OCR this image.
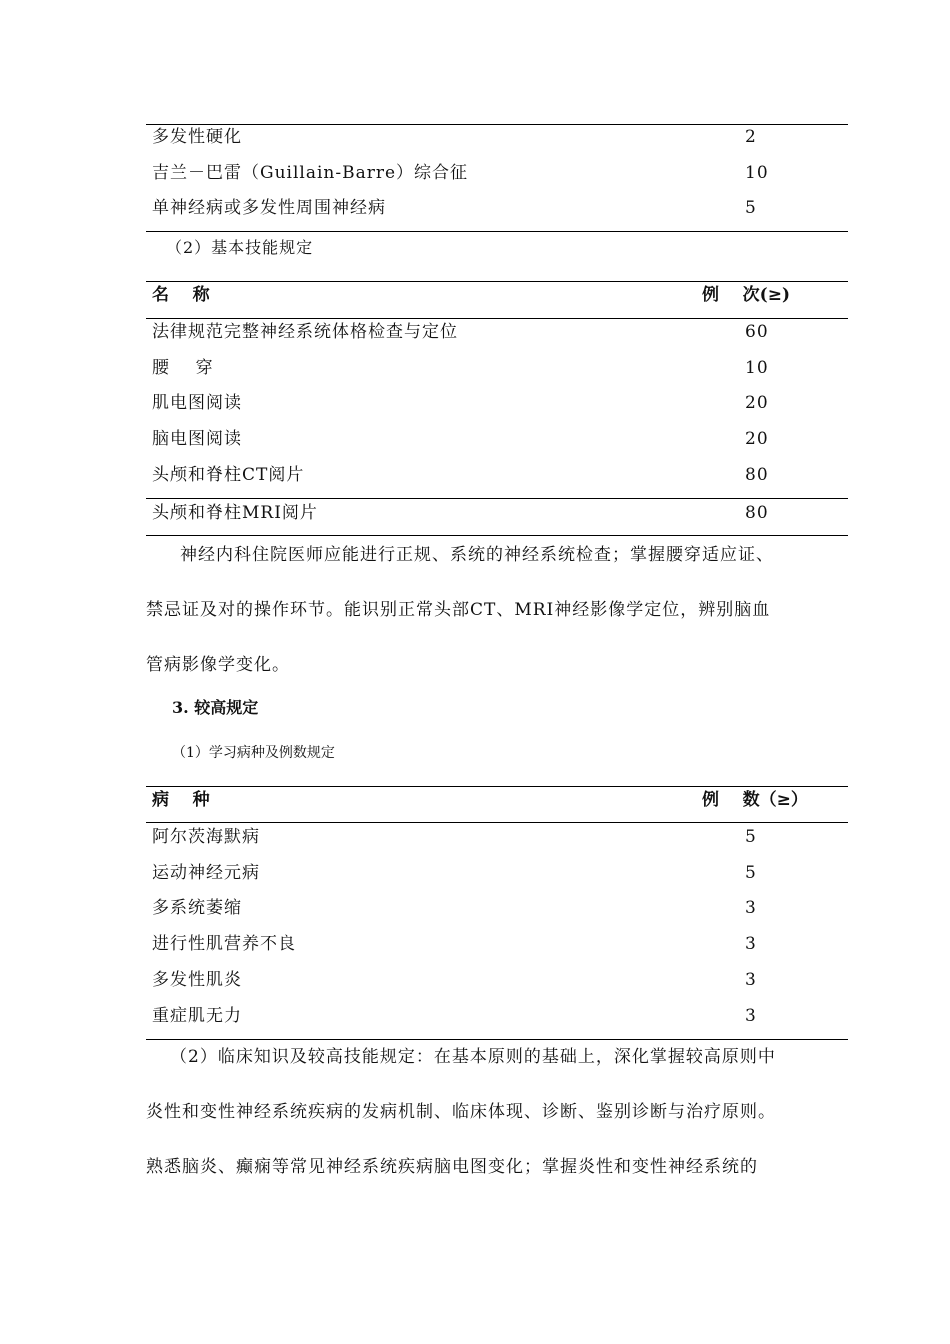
多发性硬化	2
吉兰－巴雷（Guillain-Barre）综合征	10
单神经病或多发性周围神经病	5
（2）基本技能规定
名    称	例    次(≥)
法律规范完整神经系统体格检查与定位	60
腰    穿	10
肌电图阅读	20
脑电图阅读	20
头颅和脊柱CT阅片	80
头颅和脊柱MRI阅片	80
神经内科住院医师应能进行正规、系统的神经系统检查；掌握腰穿适应证、
禁忌证及对的操作环节。能识别正常头部CT、MRI神经影像学定位，辨别脑血
管病影像学变化。
3. 较高规定
（1）学习病种及例数规定
病    种	例    数（≥）
阿尔茨海默病	5
运动神经元病	5
多系统萎缩	3
进行性肌营养不良	3
多发性肌炎	3
重症肌无力	3
（2）临床知识及较高技能规定：在基本原则的基础上，深化掌握较高原则中
炎性和变性神经系统疾病的发病机制、临床体现、诊断、鉴别诊断与治疗原则。
熟悉脑炎、癫痫等常见神经系统疾病脑电图变化；掌握炎性和变性神经系统的
